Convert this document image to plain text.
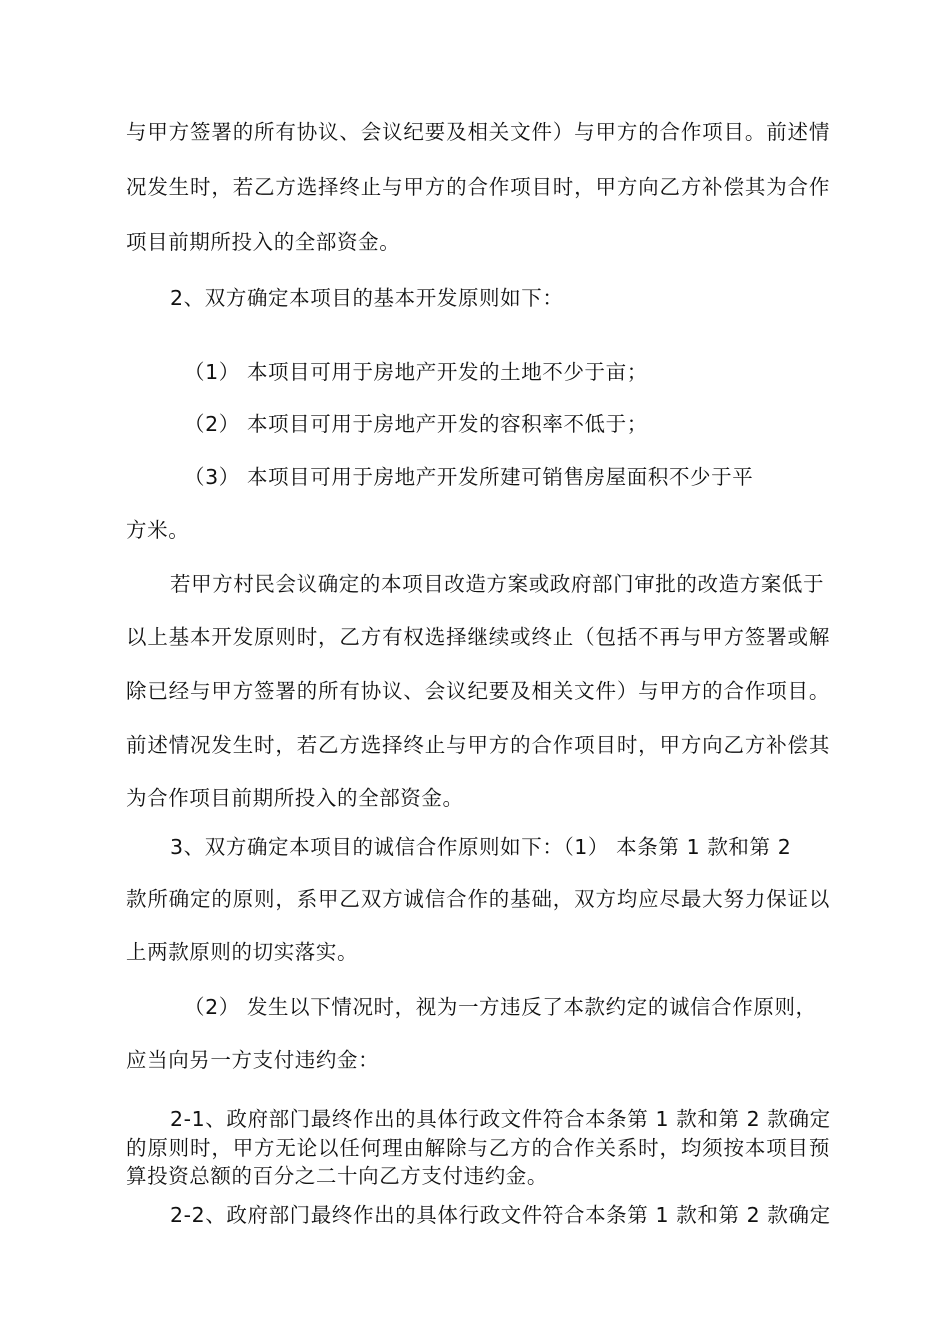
与甲方签署的所有协议、会议纪要及相关文件）与甲方的合作项目。前述情
况发生时，若乙方选择终止与甲方的合作项目时，甲方向乙方补偿其为合作
项目前期所投入的全部资金。
2、双方确定本项目的基本开发原则如下：
（1） 本项目可用于房地产开发的土地不少于亩；
（2） 本项目可用于房地产开发的容积率不低于；
（3） 本项目可用于房地产开发所建可销售房屋面积不少于平
方米。
若甲方村民会议确定的本项目改造方案或政府部门审批的改造方案低于
以上基本开发原则时，乙方有权选择继续或终止（包括不再与甲方签署或解
除已经与甲方签署的所有协议、会议纪要及相关文件）与甲方的合作项目。
前述情况发生时，若乙方选择终止与甲方的合作项目时，甲方向乙方补偿其
为合作项目前期所投入的全部资金。
3、双方确定本项目的诚信合作原则如下：（1） 本条第 1 款和第 2
款所确定的原则，系甲乙双方诚信合作的基础，双方均应尽最大努力保证以
上两款原则的切实落实。
（2） 发生以下情况时，视为一方违反了本款约定的诚信合作原则，
应当向另一方支付违约金：
2-1、政府部门最终作出的具体行政文件符合本条第 1 款和第 2 款确定
的原则时，甲方无论以任何理由解除与乙方的合作关系时，均须按本项目预
算投资总额的百分之二十向乙方支付违约金。
2-2、政府部门最终作出的具体行政文件符合本条第 1 款和第 2 款确定
